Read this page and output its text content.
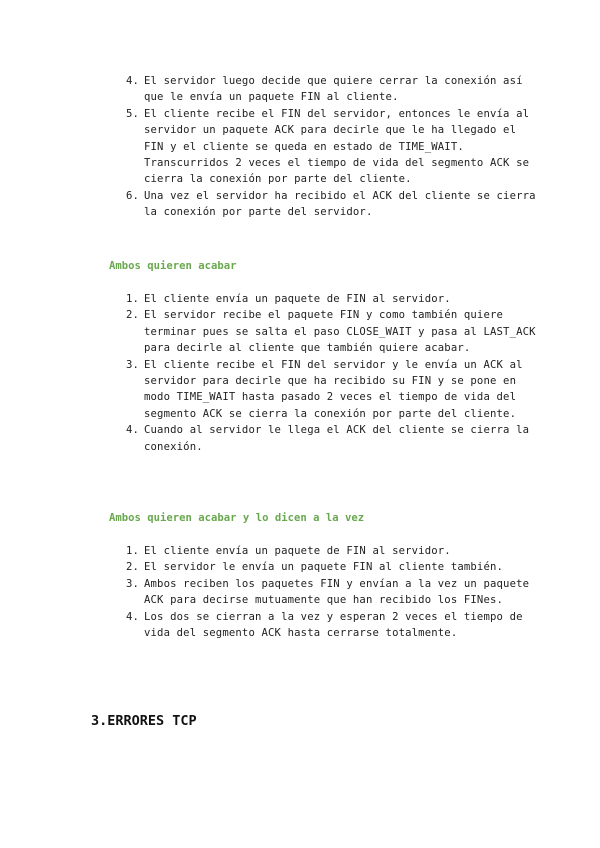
4. El servidor luego decide que quiere cerrar la conexión así que le envía un paquete FIN al cliente.
5. El cliente recibe el FIN del servidor, entonces le envía al servidor un paquete ACK para decirle que le ha llegado el FIN y el cliente se queda en estado de TIME_WAIT. Transcurridos 2 veces el tiempo de vida del segmento ACK se cierra la conexión por parte del cliente.
6. Una vez el servidor ha recibido el ACK del cliente se cierra la conexión por parte del servidor.
Ambos quieren acabar
1. El cliente envía un paquete de FIN al servidor.
2. El servidor recibe el paquete FIN y como también quiere terminar pues se salta el paso CLOSE_WAIT y pasa al LAST_ACK para decirle al cliente que también quiere acabar.
3. El cliente recibe el FIN del servidor y le envía un ACK al servidor para decirle que ha recibido su FIN y se pone en modo TIME_WAIT hasta pasado 2 veces el tiempo de vida del segmento ACK se cierra la conexión por parte del cliente.
4. Cuando al servidor le llega el ACK del cliente se cierra la conexión.
Ambos quieren acabar y lo dicen a la vez
1. El cliente envía un paquete de FIN al servidor.
2. El servidor le envía un paquete FIN al cliente también.
3. Ambos reciben los paquetes FIN y envían a la vez un paquete ACK para decirse mutuamente que han recibido los FINes.
4. Los dos se cierran a la vez y esperan 2 veces el tiempo de vida del segmento ACK hasta cerrarse totalmente.
3.ERRORES TCP
